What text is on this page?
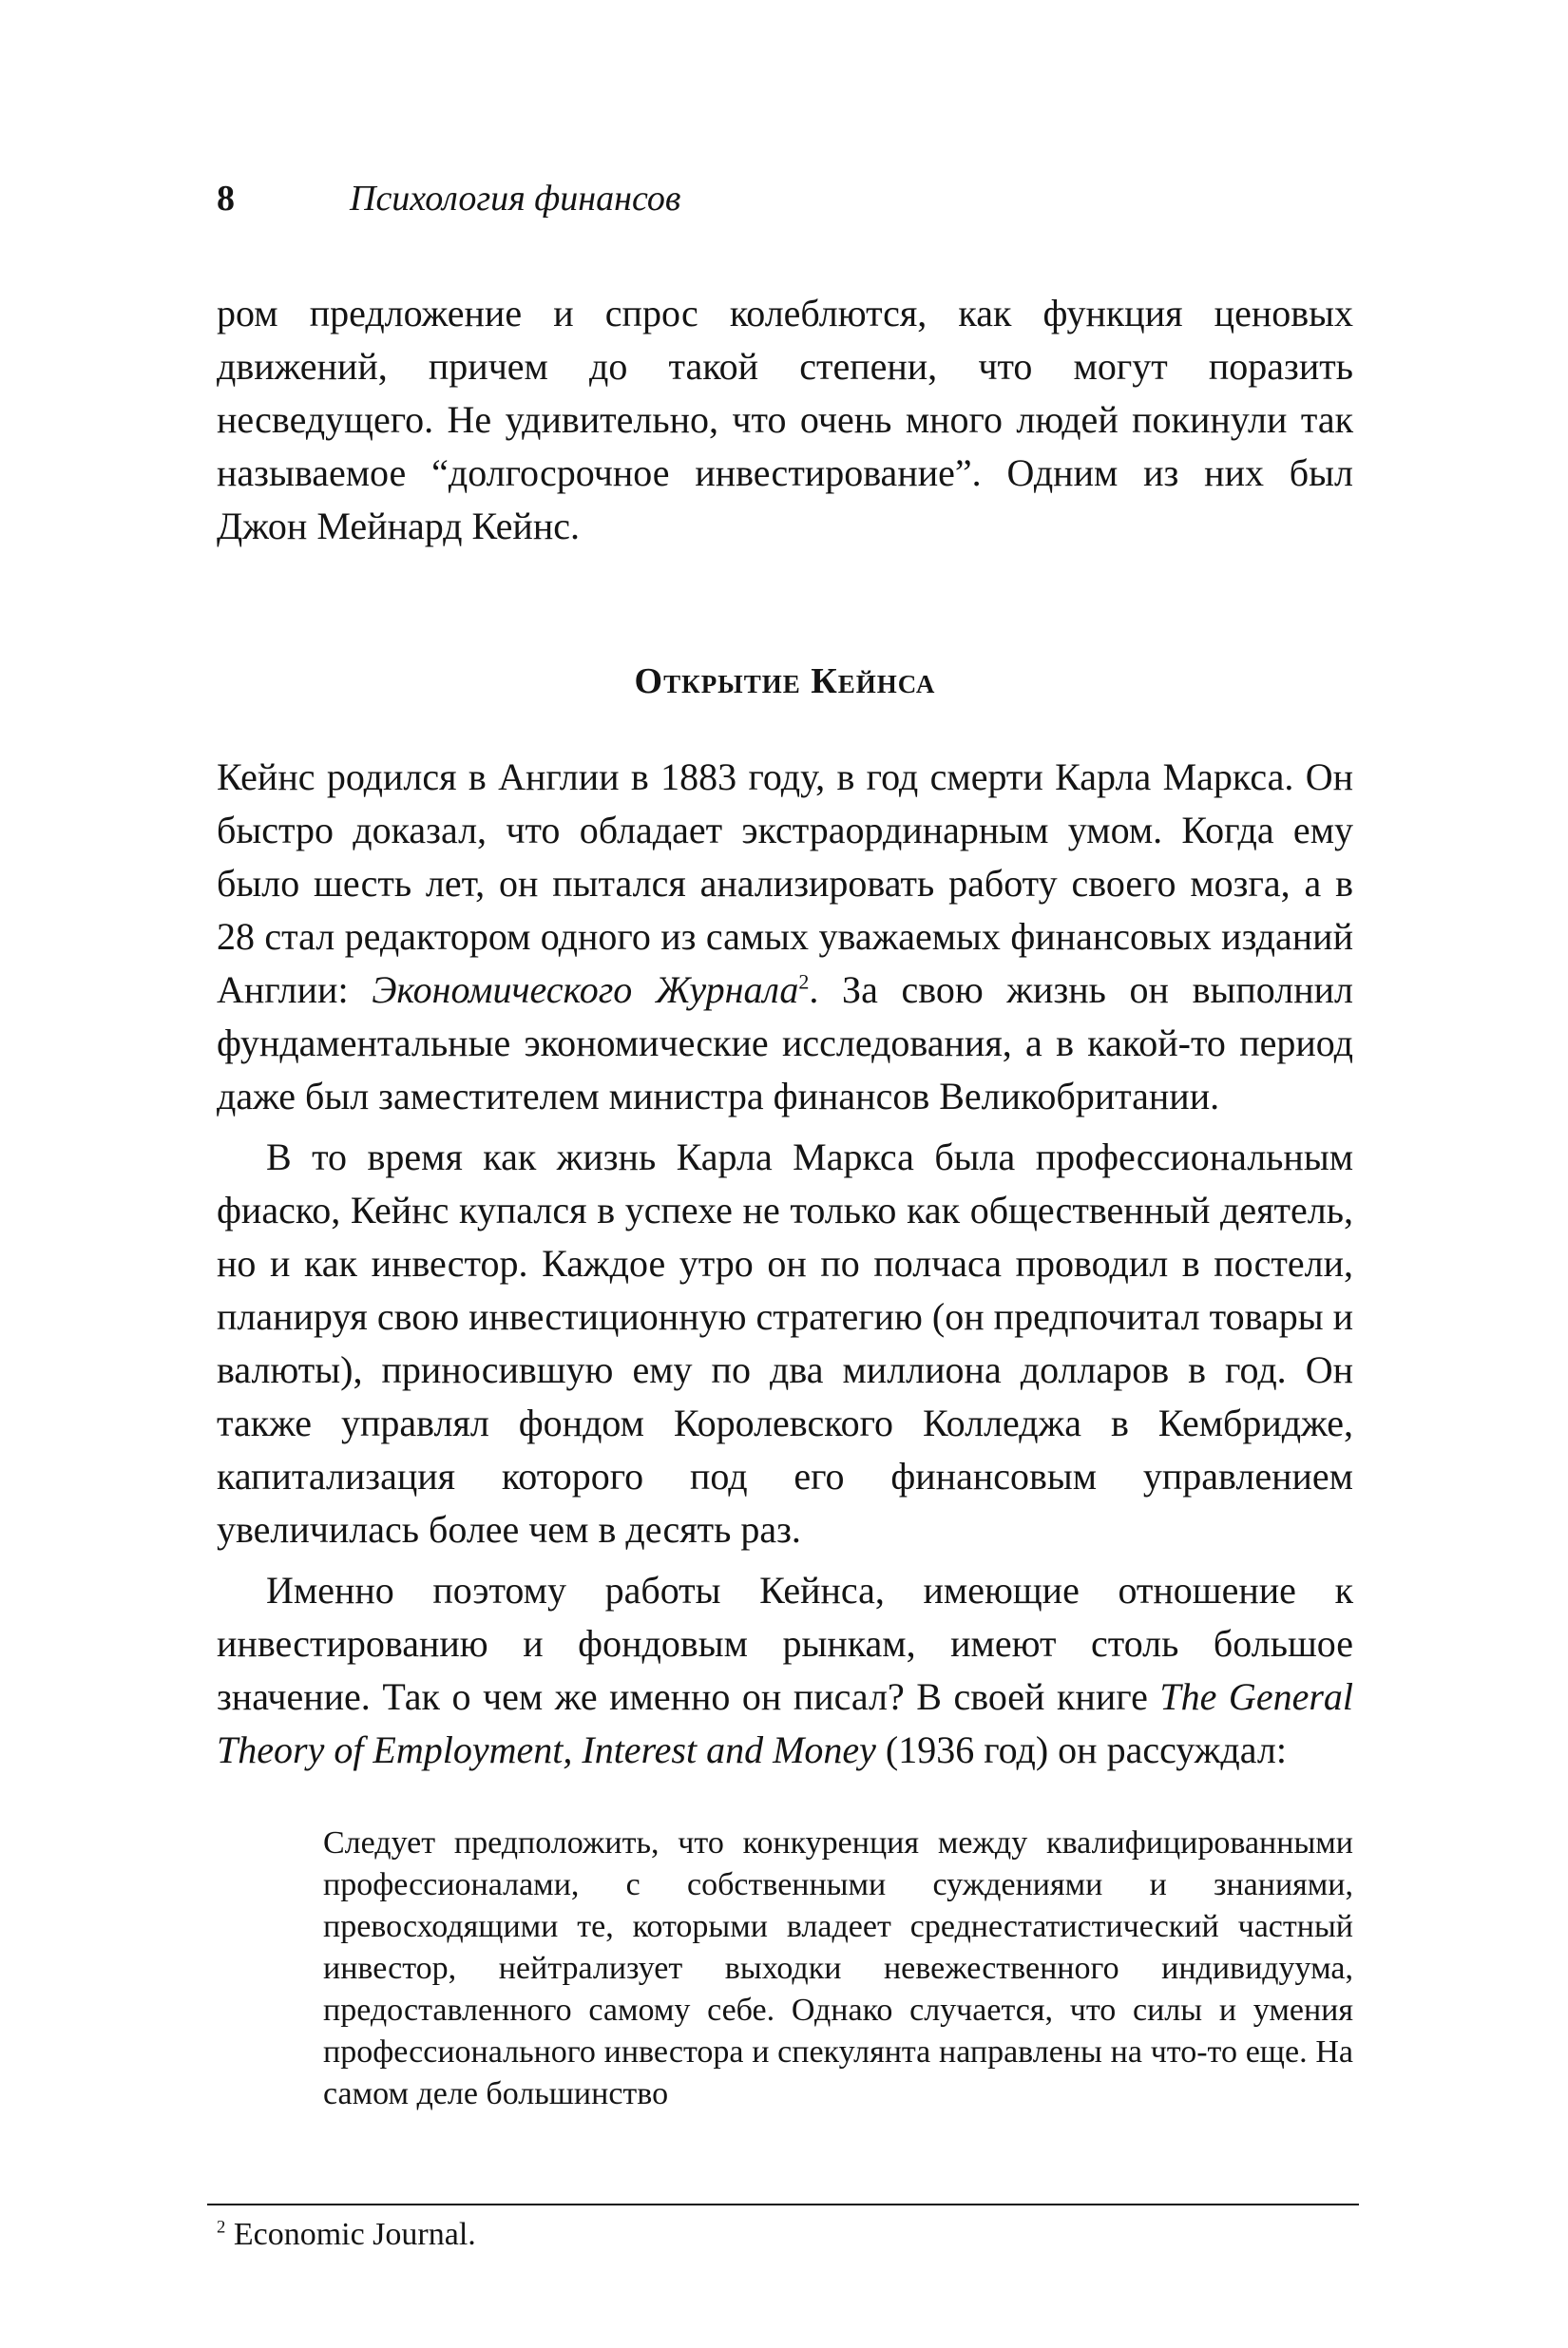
8	Психология финансов

ром предложение и спрос колеблются, как функция ценовых движений, причем до такой степени, что могут поразить несведущего. Не удивительно, что очень много людей покинули так называемое “долгосрочное инвестирование”. Одним из них был Джон Мейнард Кейнс.

Открытие Кейнса

Кейнс родился в Англии в 1883 году, в год смерти Карла Маркса. Он быстро доказал, что обладает экстраординарным умом. Когда ему было шесть лет, он пытался анализировать работу своего мозга, а в 28 стал редактором одного из самых уважаемых финансовых изданий Англии: Экономического Журнала$^2$. За свою жизнь он выполнил фундаментальные экономические исследования, а в какой-то период даже был заместителем министра финансов Великобритании.

В то время как жизнь Карла Маркса была профессиональным фиаско, Кейнс купался в успехе не только как общественный деятель, но и как инвестор. Каждое утро он по полчаса проводил в постели, планируя свою инвестиционную стратегию (он предпочитал товары и валюты), приносившую ему по два миллиона долларов в год. Он также управлял фондом Королевского Колледжа в Кембридже, капитализация которого под его финансовым управлением увеличилась более чем в десять раз.

Именно поэтому работы Кейнса, имеющие отношение к инвестированию и фондовым рынкам, имеют столь большое значение. Так о чем же именно он писал? В своей книге The General Theory of Employment, Interest and Money (1936 год) он рассуждал:

Следует предположить, что конкуренция между квалифицированными профессионалами, с собственными суждениями и знаниями, превосходящими те, которыми владеет среднестатистический частный инвестор, нейтрализует выходки невежественного индивидуума, предоставленного самому себе. Однако случается, что силы и умения профессионального инвестора и спекулянта направлены на что-то еще. На самом деле большинство

$^2$ Economic Journal.
